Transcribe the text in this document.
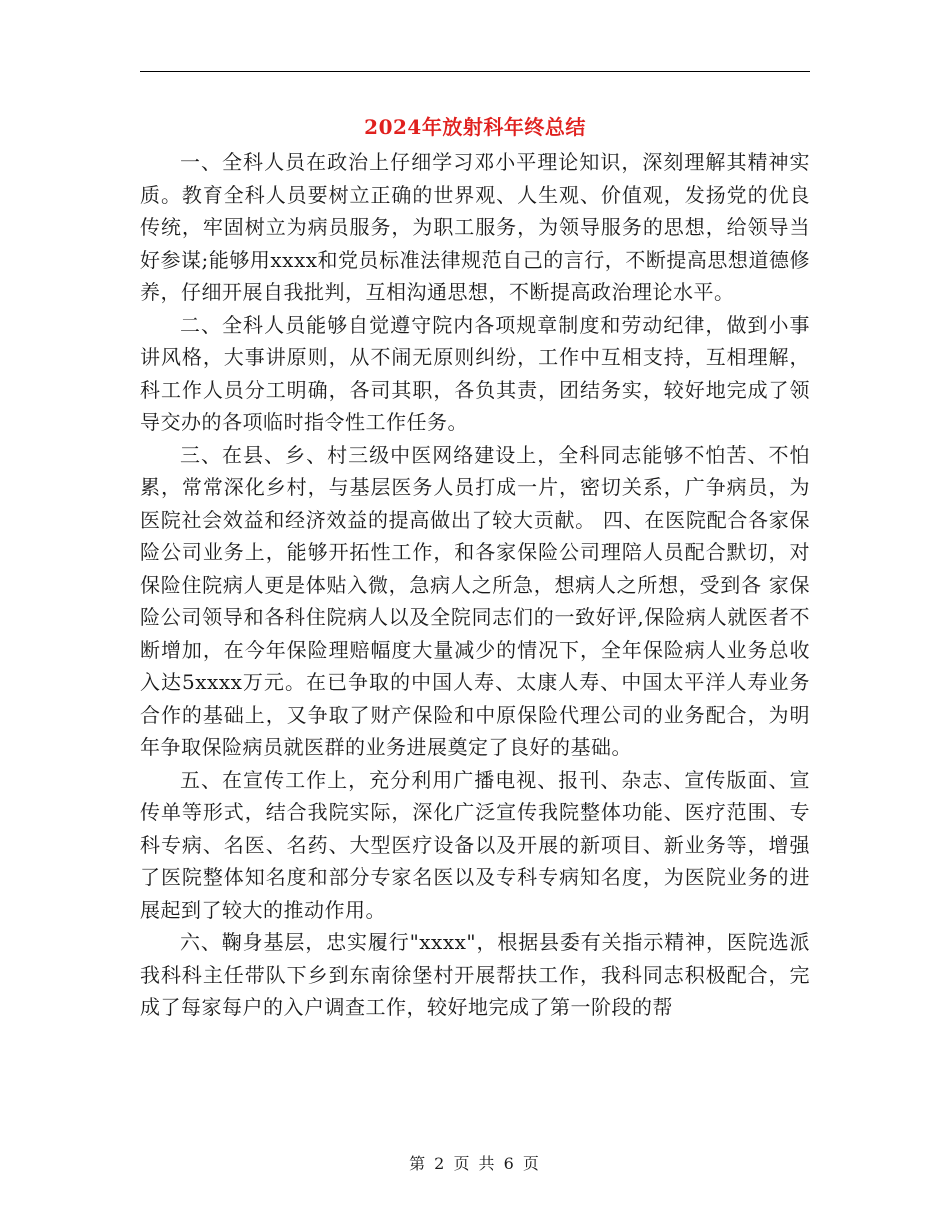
2024年放射科年终总结

一、全科人员在政治上仔细学习邓小平理论知识，深刻理解其精神实质。教育全科人员要树立正确的世界观、人生观、价值观，发扬党的优良传统，牢固树立为病员服务，为职工服务，为领导服务的思想，给领导当好参谋;能够用xxxx和党员标准法律规范自己的言行，不断提高思想道德修养，仔细开展自我批判，互相沟通思想，不断提高政治理论水平。

二、全科人员能够自觉遵守院内各项规章制度和劳动纪律，做到小事讲风格，大事讲原则，从不闹无原则纠纷，工作中互相支持，互相理解，科工作人员分工明确，各司其职，各负其责，团结务实，较好地完成了领导交办的各项临时指令性工作任务。

三、在县、乡、村三级中医网络建设上，全科同志能够不怕苦、不怕累，常常深化乡村，与基层医务人员打成一片，密切关系，广争病员，为医院社会效益和经济效益的提高做出了较大贡献。 四、在医院配合各家保险公司业务上，能够开拓性工作，和各家保险公司理陪人员配合默切，对保险住院病人更是体贴入微，急病人之所急，想病人之所想，受到各 家保险公司领导和各科住院病人以及全院同志们的一致好评,保险病人就医者不断增加，在今年保险理赔幅度大量减少的情况下，全年保险病人业务总收入达5xxxx万元。在已争取的中国人寿、太康人寿、中国太平洋人寿业务合作的基础上，又争取了财产保险和中原保险代理公司的业务配合，为明年争取保险病员就医群的业务进展奠定了良好的基础。

五、在宣传工作上，充分利用广播电视、报刊、杂志、宣传版面、宣传单等形式，结合我院实际，深化广泛宣传我院整体功能、医疗范围、专科专病、名医、名药、大型医疗设备以及开展的新项目、新业务等，增强了医院整体知名度和部分专家名医以及专科专病知名度，为医院业务的进展起到了较大的推动作用。

六、鞠身基层，忠实履行"xxxx"，根据县委有关指示精神，医院选派我科科主任带队下乡到东南徐堡村开展帮扶工作，我科同志积极配合，完成了每家每户的入户调查工作，较好地完成了第一阶段的帮

第 2 页 共 6 页
